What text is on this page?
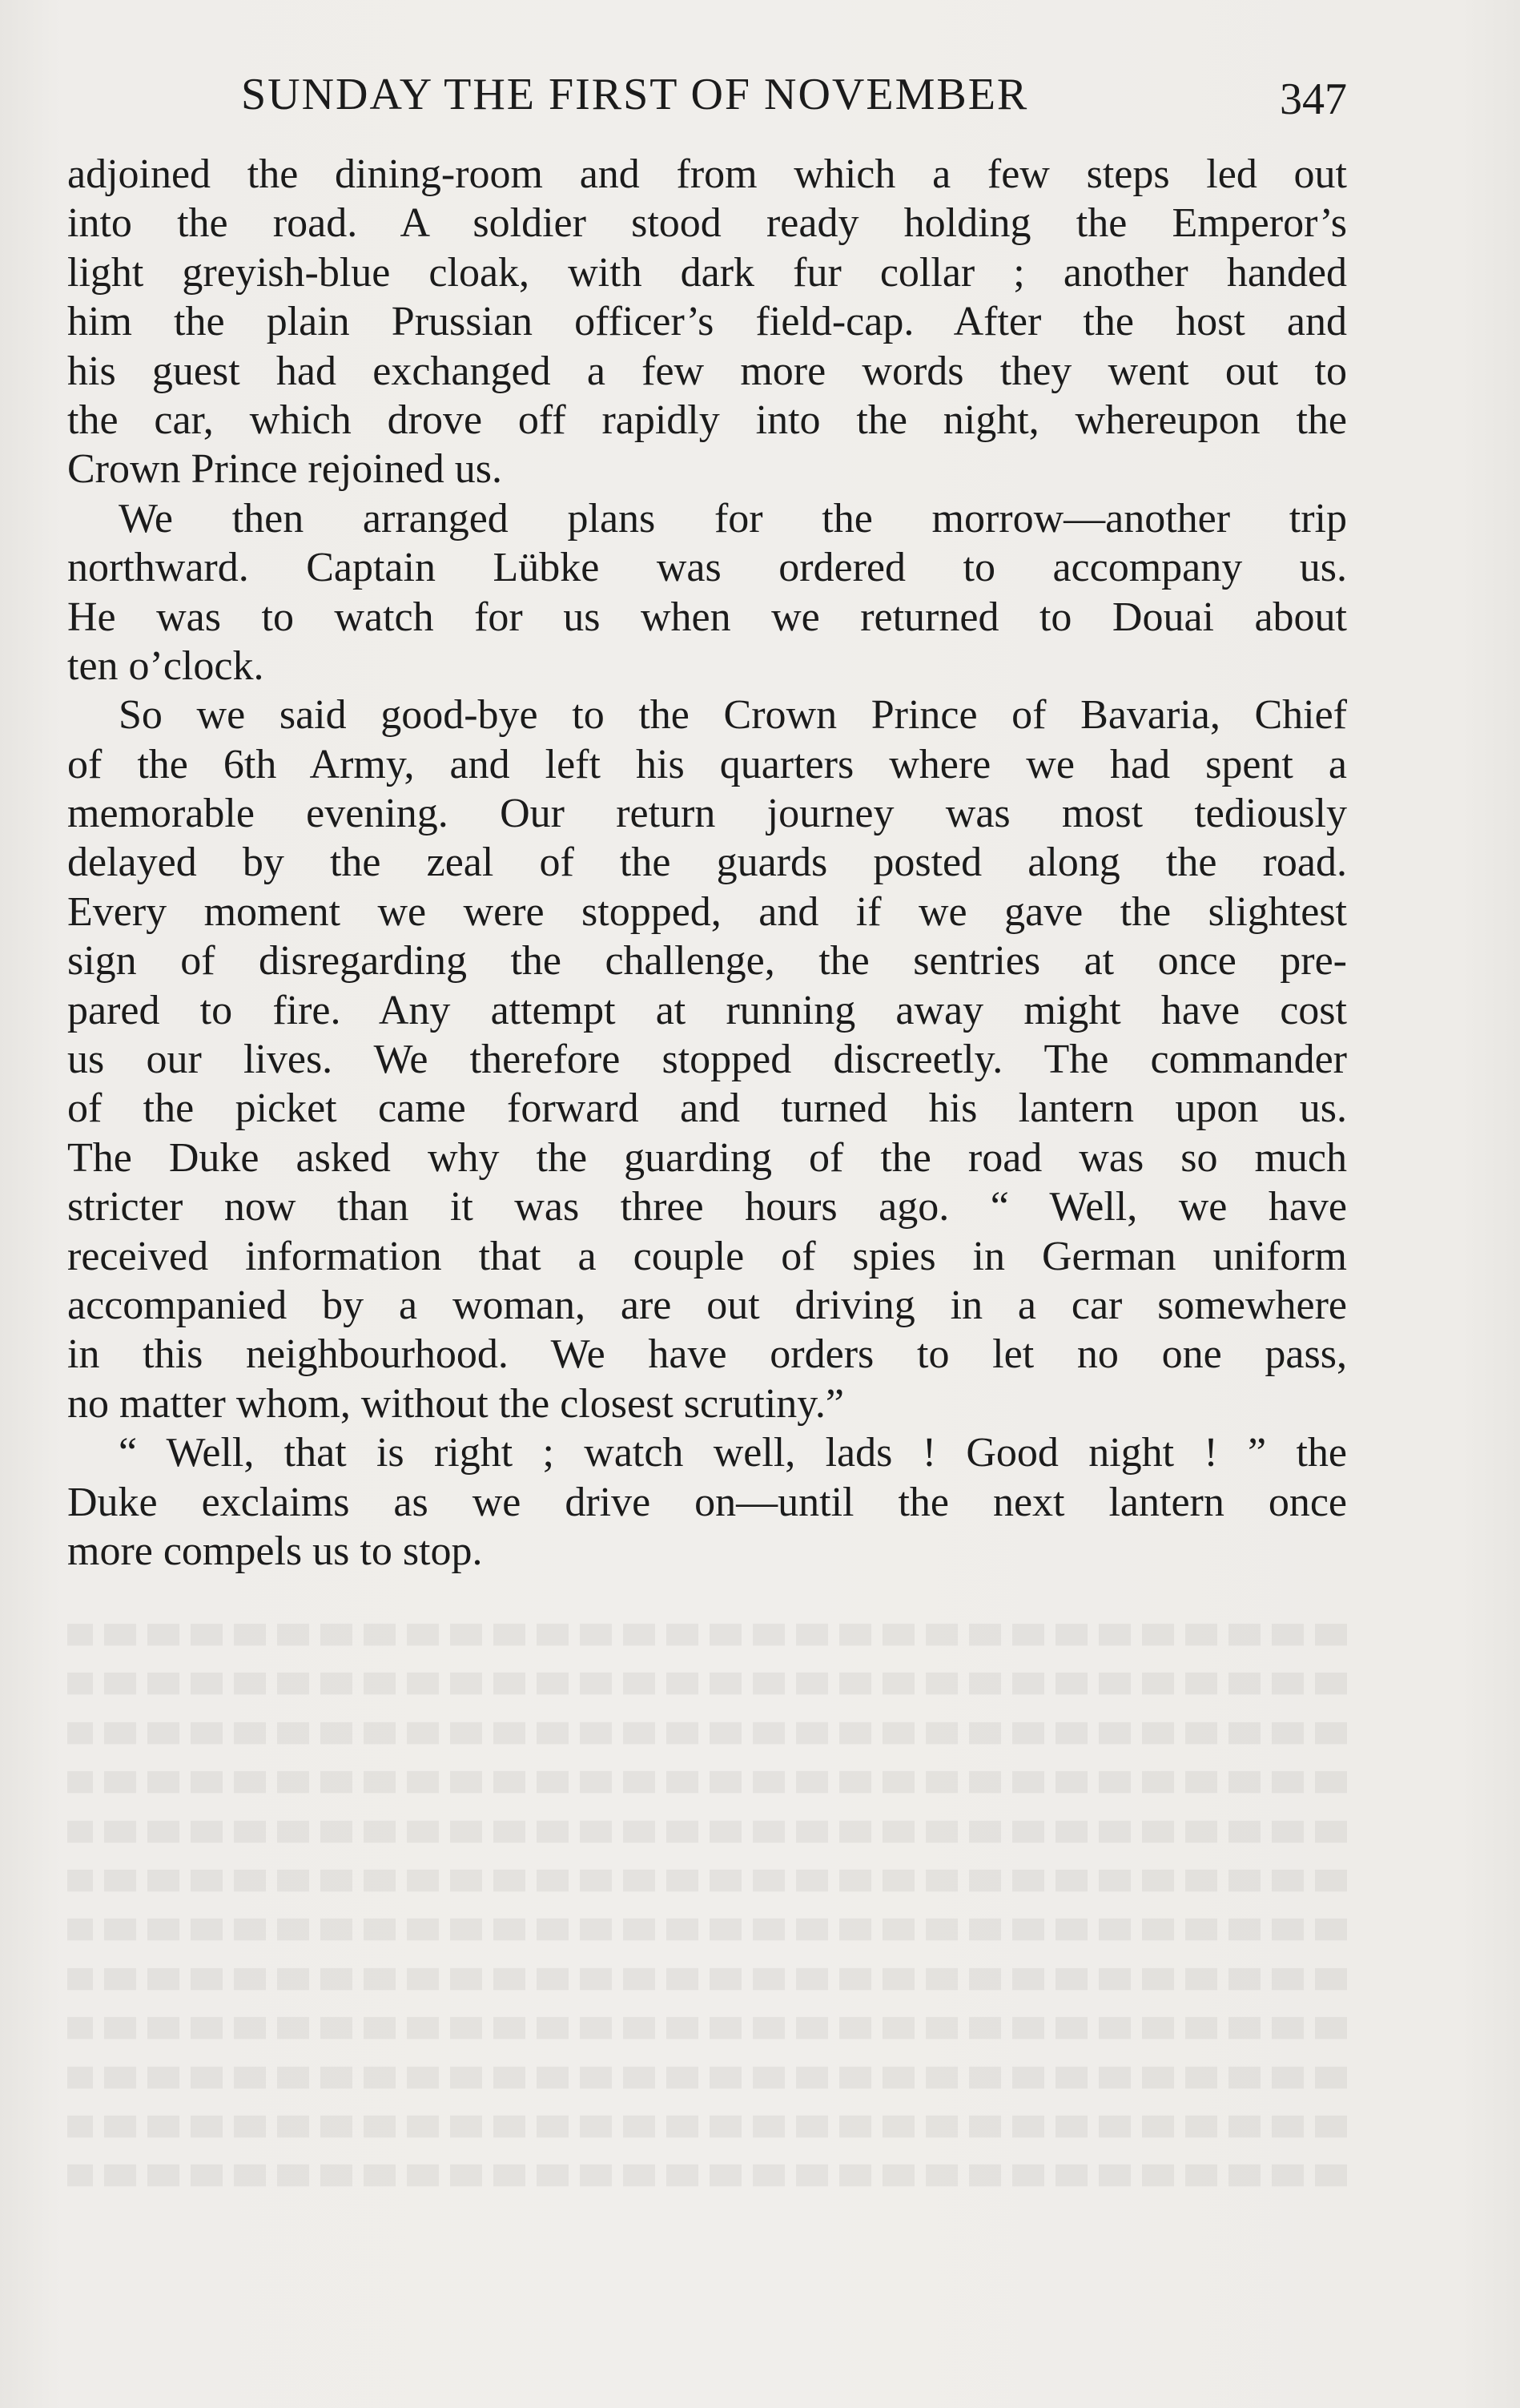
SUNDAY THE FIRST OF NOVEMBER	347
adjoined the dining-room and from which a few steps led out
into the road. A soldier stood ready holding the Emperor’s
light greyish-blue cloak, with dark fur collar ; another handed
him the plain Prussian officer’s field-cap. After the host and
his guest had exchanged a few more words they went out to
the car, which drove off rapidly into the night, whereupon the
Crown Prince rejoined us.
We then arranged plans for the morrow—another trip
northward. Captain Lübke was ordered to accompany us.
He was to watch for us when we returned to Douai about
ten o’clock.
So we said good-bye to the Crown Prince of Bavaria, Chief
of the 6th Army, and left his quarters where we had spent a
memorable evening. Our return journey was most tediously
delayed by the zeal of the guards posted along the road.
Every moment we were stopped, and if we gave the slightest
sign of disregarding the challenge, the sentries at once pre-
pared to fire. Any attempt at running away might have cost
us our lives. We therefore stopped discreetly. The commander
of the picket came forward and turned his lantern upon us.
The Duke asked why the guarding of the road was so much
stricter now than it was three hours ago. “ Well, we have
received information that a couple of spies in German uniform
accompanied by a woman, are out driving in a car somewhere
in this neighbourhood. We have orders to let no one pass,
no matter whom, without the closest scrutiny.”
“ Well, that is right ; watch well, lads ! Good night ! ” the
Duke exclaims as we drive on—until the next lantern once
more compels us to stop.
